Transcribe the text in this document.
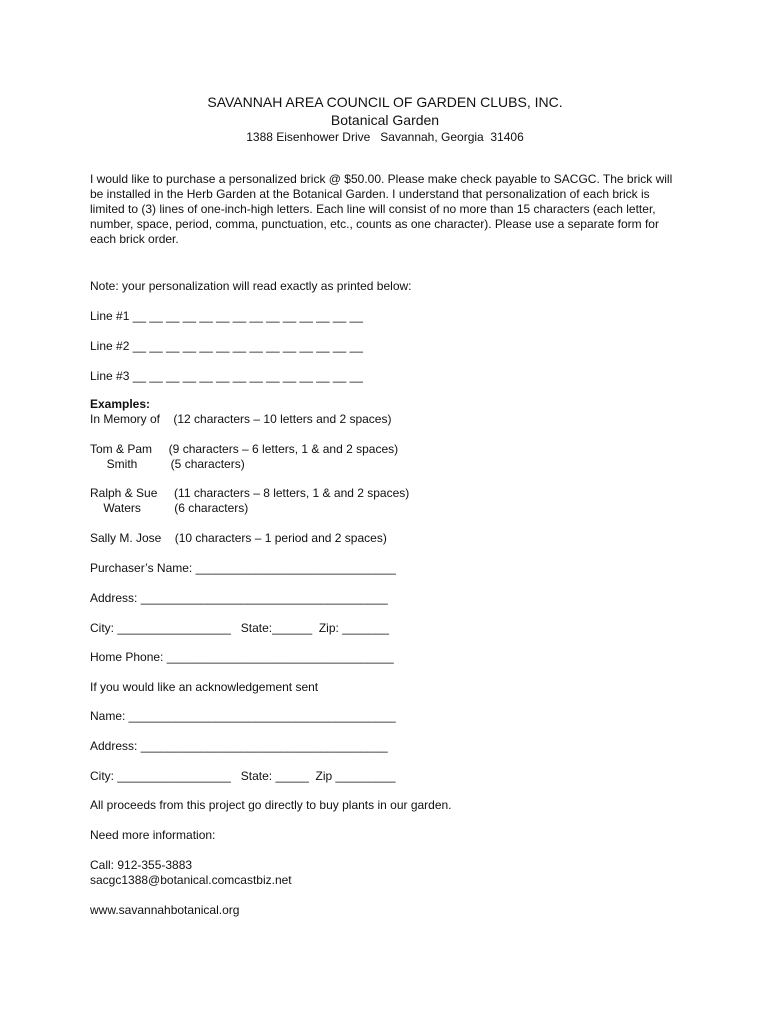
SAVANNAH AREA COUNCIL OF GARDEN CLUBS, INC.
Botanical Garden
1388 Eisenhower Drive   Savannah, Georgia  31406
I would like to purchase a personalized brick @ $50.00. Please make check payable to SACGC. The brick will be installed in the Herb Garden at the Botanical Garden. I understand that personalization of each brick is limited to (3) lines of one-inch-high letters. Each line will consist of no more than 15 characters (each letter, number, space, period, comma, punctuation, etc., counts as one character). Please use a separate form for each brick order.
Note: your personalization will read exactly as printed below:
Line #1 __ __ __ __ __ __ __ __ __ __ __ __ __ __
Line #2 __ __ __ __ __ __ __ __ __ __ __ __ __ __
Line #3 __ __ __ __ __ __ __ __ __ __ __ __ __ __
Examples:
In Memory of    (12 characters – 10 letters and 2 spaces)
Tom & Pam     (9 characters – 6 letters, 1 & and 2 spaces)
Smith          (5 characters)
Ralph & Sue     (11 characters – 8 letters, 1 & and 2 spaces)
Waters          (6 characters)
Sally M. Jose    (10 characters – 1 period and 2 spaces)
Purchaser’s Name: ______________________________
Address: _____________________________________
City: _________________   State:______  Zip: _______
Home Phone: __________________________________
If you would like an acknowledgement sent
Name: ________________________________________
Address: _____________________________________
City: _________________   State: _____  Zip _________
All proceeds from this project go directly to buy plants in our garden.
Need more information:
Call: 912-355-3883
sacgc1388@botanical.comcastbiz.net
www.savannahbotanical.org
